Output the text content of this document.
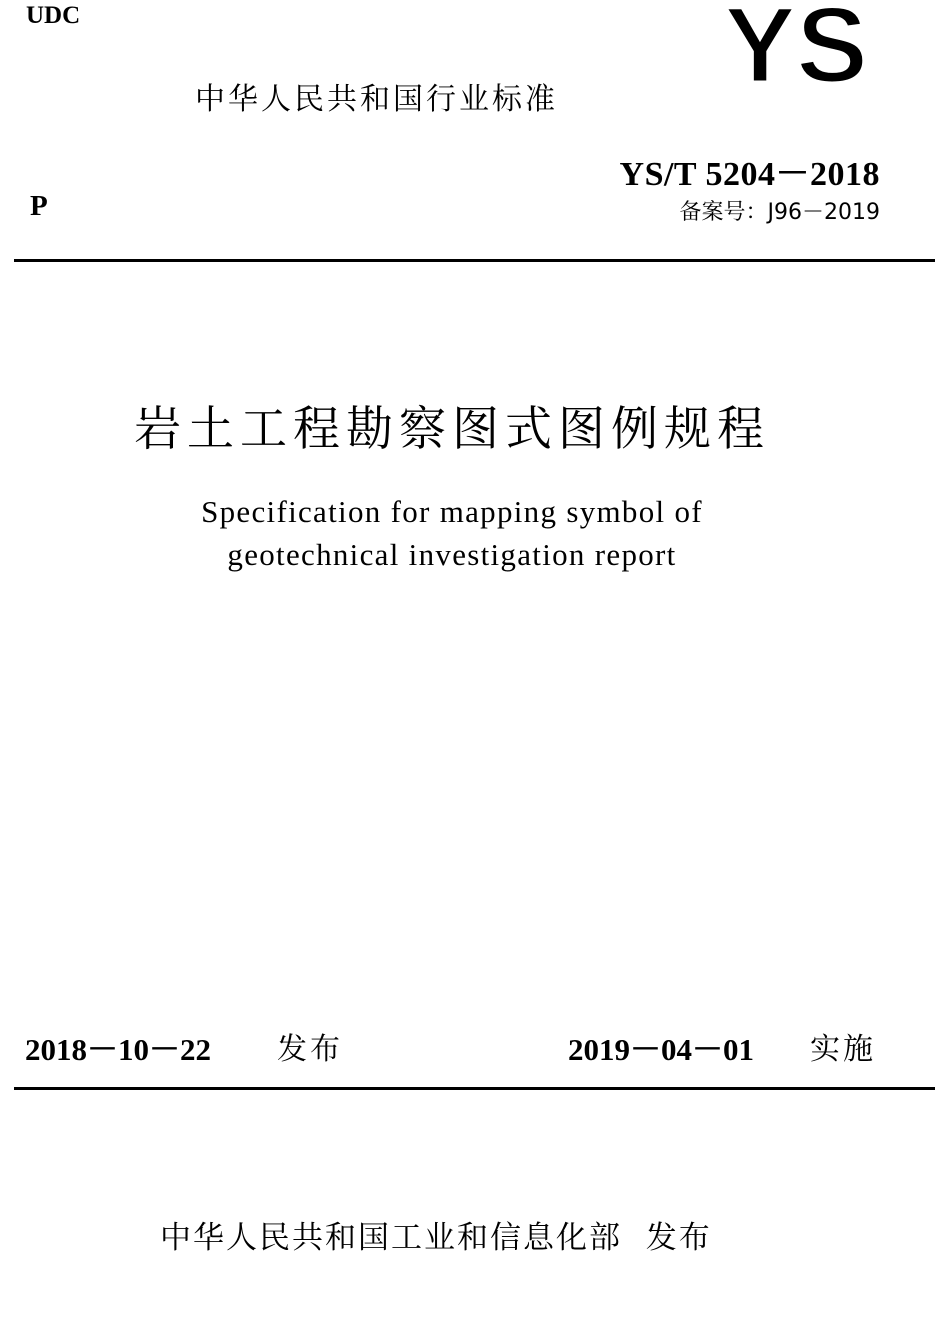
UDC
中华人民共和国行业标准 YS
P
YS/T 5204－2018
备案号：J96－2019
岩土工程勘察图式图例规程
Specification for mapping symbol of
geotechnical investigation report
2018－10－22 发布	2019－04－01 实施
中华人民共和国工业和信息化部  发布
